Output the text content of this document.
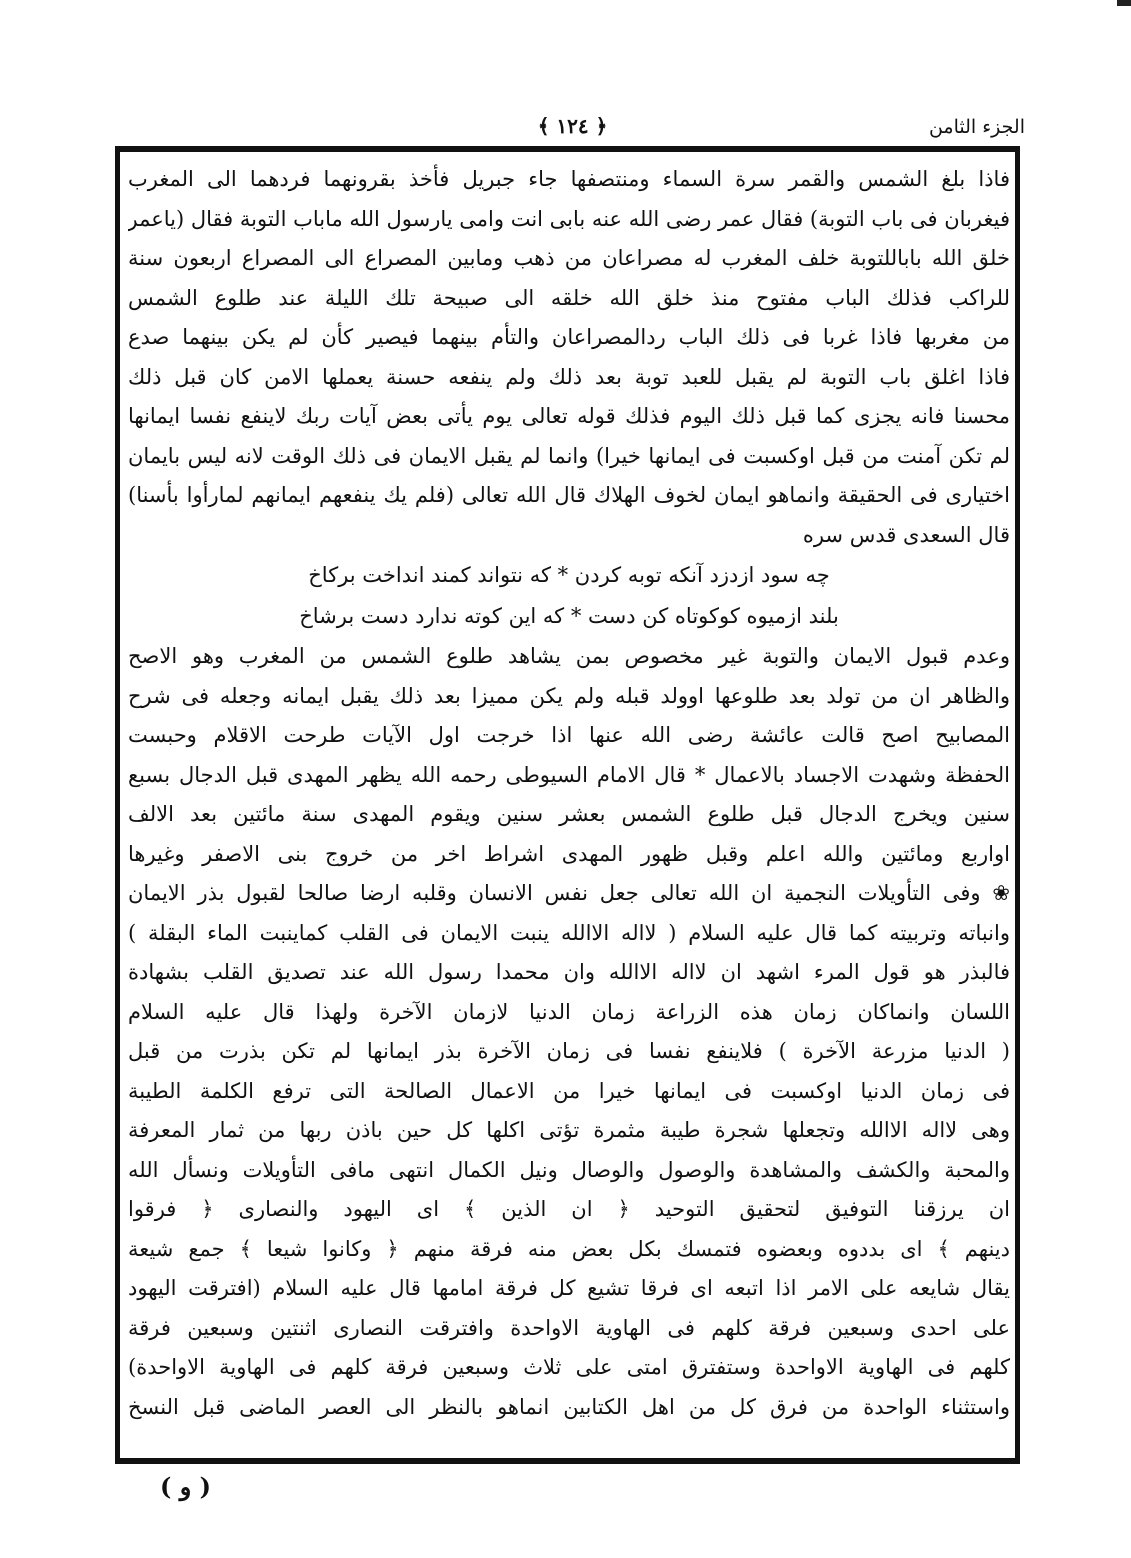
الجزء الثامن
﴿ ١٢٤ ﴾
فاذا بلغ الشمس والقمر سرة السماء ومنتصفها جاء جبريل فأخذ بقرونهما فردهما الى المغرب
فيغربان فى باب التوبة) فقال عمر رضى الله عنه بابى انت وامى يارسول الله ماباب التوبة فقال (ياعمر
خلق الله باباللتوبة خلف المغرب له مصراعان من ذهب ومابين المصراع الى المصراع اربعون سنة
للراكب فذلك الباب مفتوح منذ خلق الله خلقه الى صبيحة تلك الليلة عند طلوع الشمس
من مغربها فاذا غربا فى ذلك الباب ردالمصراعان والتأم بينهما فيصير كأن لم يكن بينهما صدع
فاذا اغلق باب التوبة لم يقبل للعبد توبة بعد ذلك ولم ينفعه حسنة يعملها الامن كان قبل ذلك
محسنا فانه يجزى كما قبل ذلك اليوم فذلك قوله تعالى يوم يأتى بعض آيات ربك لاينفع نفسا ايمانها
لم تكن آمنت من قبل اوكسبت فى ايمانها خيرا) وانما لم يقبل الايمان فى ذلك الوقت لانه ليس بايمان
اختيارى فى الحقيقة وانماهو ايمان لخوف الهلاك قال الله تعالى (فلم يك ينفعهم ايمانهم لمارأوا بأسنا)
قال السعدى قدس سره
چه سود ازدزد آنكه توبه كردن * كه نتواند كمند انداخت بركاخ
بلند ازميوه كوكوتاه كن دست * كه اين كوته ندارد دست برشاخ
وعدم قبول الايمان والتوبة غير مخصوص بمن يشاهد طلوع الشمس من المغرب وهو الاصح
والظاهر ان من تولد بعد طلوعها اوولد قبله ولم يكن مميزا بعد ذلك يقبل ايمانه وجعله فى شرح
المصابيح اصح قالت عائشة رضى الله عنها اذا خرجت اول الآيات طرحت الاقلام وحبست
الحفظة وشهدت الاجساد بالاعمال * قال الامام السيوطى رحمه الله يظهر المهدى قبل الدجال بسبع
سنين ويخرج الدجال قبل طلوع الشمس بعشر سنين ويقوم المهدى سنة مائتين بعد الالف
اواربع ومائتين والله اعلم وقبل ظهور المهدى اشراط اخر من خروج بنى الاصفر وغيرها
❀ وفى التأويلات النجمية ان الله تعالى جعل نفس الانسان وقلبه ارضا صالحا لقبول بذر الايمان
وانباته وتربيته كما قال عليه السلام ( لااله الاالله ينبت الايمان فى القلب كماينبت الماء البقلة )
فالبذر هو قول المرء اشهد ان لااله الاالله وان محمدا رسول الله عند تصديق القلب بشهادة
اللسان وانماكان زمان هذه الزراعة زمان الدنيا لازمان الآخرة ولهذا قال عليه السلام
( الدنيا مزرعة الآخرة ) فلاينفع نفسا فى زمان الآخرة بذر ايمانها لم تكن بذرت من قبل
فى زمان الدنيا اوكسبت فى ايمانها خيرا من الاعمال الصالحة التى ترفع الكلمة الطيبة
وهى لااله الاالله وتجعلها شجرة طيبة مثمرة تؤتى اكلها كل حين باذن ربها من ثمار المعرفة
والمحبة والكشف والمشاهدة والوصول والوصال ونيل الكمال انتهى مافى التأويلات ونسأل الله
ان يرزقنا التوفيق لتحقيق التوحيد ﴿ ان الذين ﴾ اى اليهود والنصارى ﴿ فرقوا
دينهم ﴾ اى بددوه وبعضوه فتمسك بكل بعض منه فرقة منهم ﴿ وكانوا شيعا ﴾ جمع شيعة
يقال شايعه على الامر اذا اتبعه اى فرقا تشيع كل فرقة امامها قال عليه السلام (افترقت اليهود
على احدى وسبعين فرقة كلهم فى الهاوية الاواحدة وافترقت النصارى اثنتين وسبعين فرقة
كلهم فى الهاوية الاواحدة وستفترق امتى على ثلاث وسبعين فرقة كلهم فى الهاوية الاواحدة)
واستثناء الواحدة من فرق كل من اهل الكتابين انماهو بالنظر الى العصر الماضى قبل النسخ
( و )
